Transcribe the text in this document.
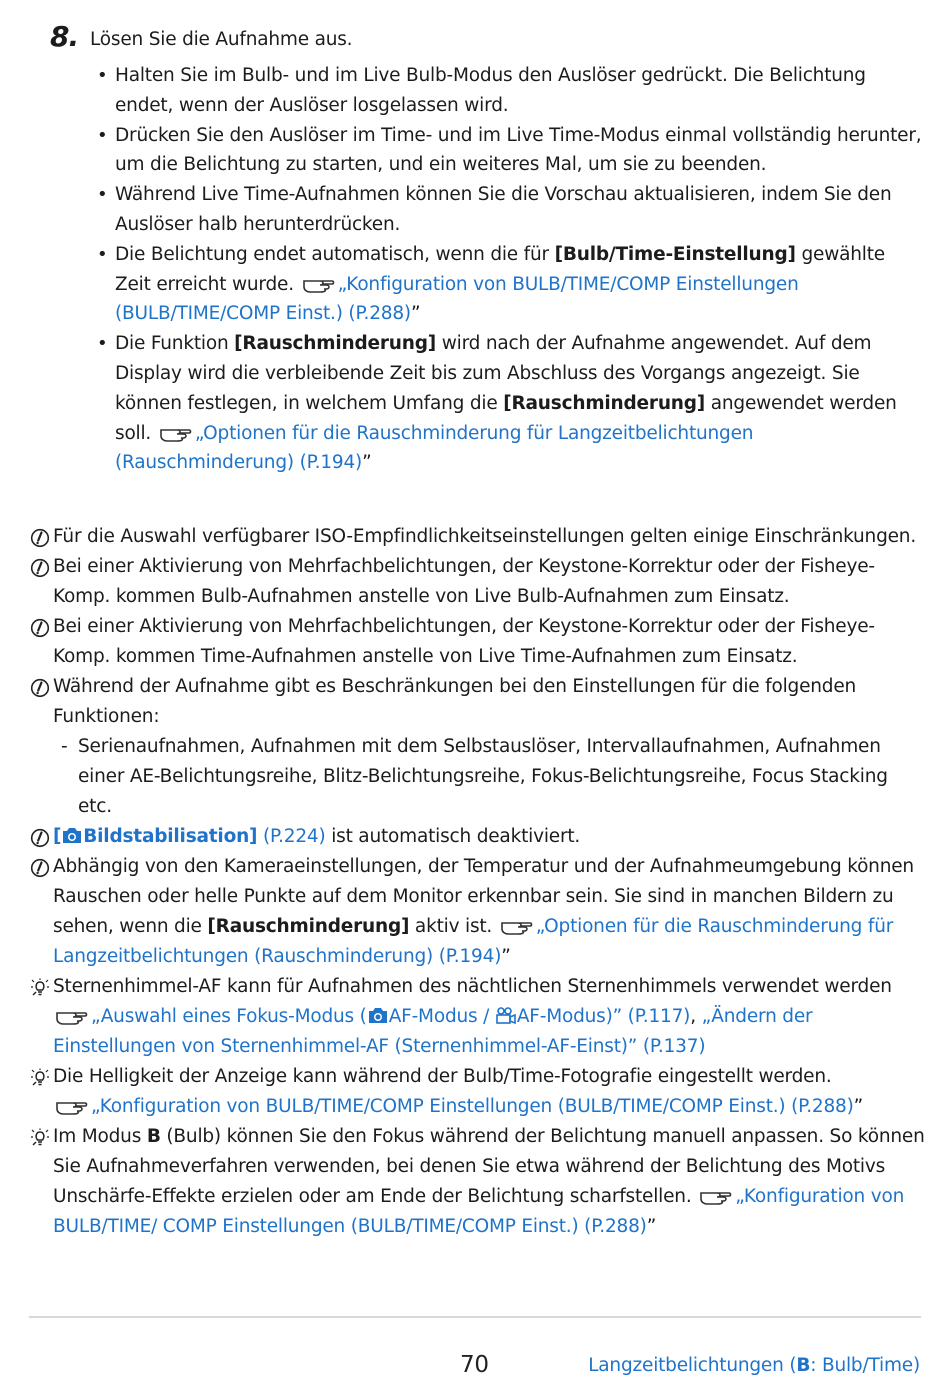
8. Lösen Sie die Aufnahme aus.
• Halten Sie im Bulb- und im Live Bulb-Modus den Auslöser gedrückt. Die Belichtung endet, wenn der Auslöser losgelassen wird.
• Drücken Sie den Auslöser im Time- und im Live Time-Modus einmal vollständig herunter, um die Belichtung zu starten, und ein weiteres Mal, um sie zu beenden.
• Während Live Time-Aufnahmen können Sie die Vorschau aktualisieren, indem Sie den Auslöser halb herunterdrücken.
• Die Belichtung endet automatisch, wenn die für [Bulb/Time-Einstellung] gewählte Zeit erreicht wurde. „Konfiguration von BULB/TIME/COMP Einstellungen (BULB/TIME/COMP Einst.) (P.288)”
• Die Funktion [Rauschminderung] wird nach der Aufnahme angewendet. Auf dem Display wird die verbleibende Zeit bis zum Abschluss des Vorgangs angezeigt. Sie können festlegen, in welchem Umfang die [Rauschminderung] angewendet werden soll. „Optionen für die Rauschminderung für Langzeitbelichtungen (Rauschminderung) (P.194)”
Für die Auswahl verfügbarer ISO-Empfindlichkeitseinstellungen gelten einige Einschränkungen.
Bei einer Aktivierung von Mehrfachbelichtungen, der Keystone-Korrektur oder der Fisheye-Komp. kommen Bulb-Aufnahmen anstelle von Live Bulb-Aufnahmen zum Einsatz.
Bei einer Aktivierung von Mehrfachbelichtungen, der Keystone-Korrektur oder der Fisheye-Komp. kommen Time-Aufnahmen anstelle von Live Time-Aufnahmen zum Einsatz.
Während der Aufnahme gibt es Beschränkungen bei den Einstellungen für die folgenden Funktionen:
- Serienaufnahmen, Aufnahmen mit dem Selbstauslöser, Intervallaufnahmen, Aufnahmen einer AE-Belichtungsreihe, Blitz-Belichtungsreihe, Fokus-Belichtungsreihe, Focus Stacking etc.
[ Bildstabilisation] (P.224) ist automatisch deaktiviert.
Abhängig von den Kameraeinstellungen, der Temperatur und der Aufnahmeumgebung können Rauschen oder helle Punkte auf dem Monitor erkennbar sein. Sie sind in manchen Bildern zu sehen, wenn die [Rauschminderung] aktiv ist. „Optionen für die Rauschminderung für Langzeitbelichtungen (Rauschminderung) (P.194)”
Sternenhimmel-AF kann für Aufnahmen des nächtlichen Sternenhimmels verwendet werden
„Auswahl eines Fokus-Modus ( AF-Modus / AF-Modus)” (P.117), „Ändern der Einstellungen von Sternenhimmel-AF (Sternenhimmel-AF-Einst)” (P.137)
Die Helligkeit der Anzeige kann während der Bulb/Time-Fotografie eingestellt werden.
„Konfiguration von BULB/TIME/COMP Einstellungen (BULB/TIME/COMP Einst.) (P.288)”
Im Modus B (Bulb) können Sie den Fokus während der Belichtung manuell anpassen. So können Sie Aufnahmeverfahren verwenden, bei denen Sie etwa während der Belichtung des Motivs Unschärfe-Effekte erzielen oder am Ende der Belichtung scharfstellen. „Konfiguration von BULB/TIME/ COMP Einstellungen (BULB/TIME/COMP Einst.) (P.288)”
70	Langzeitbelichtungen (B: Bulb/Time)
